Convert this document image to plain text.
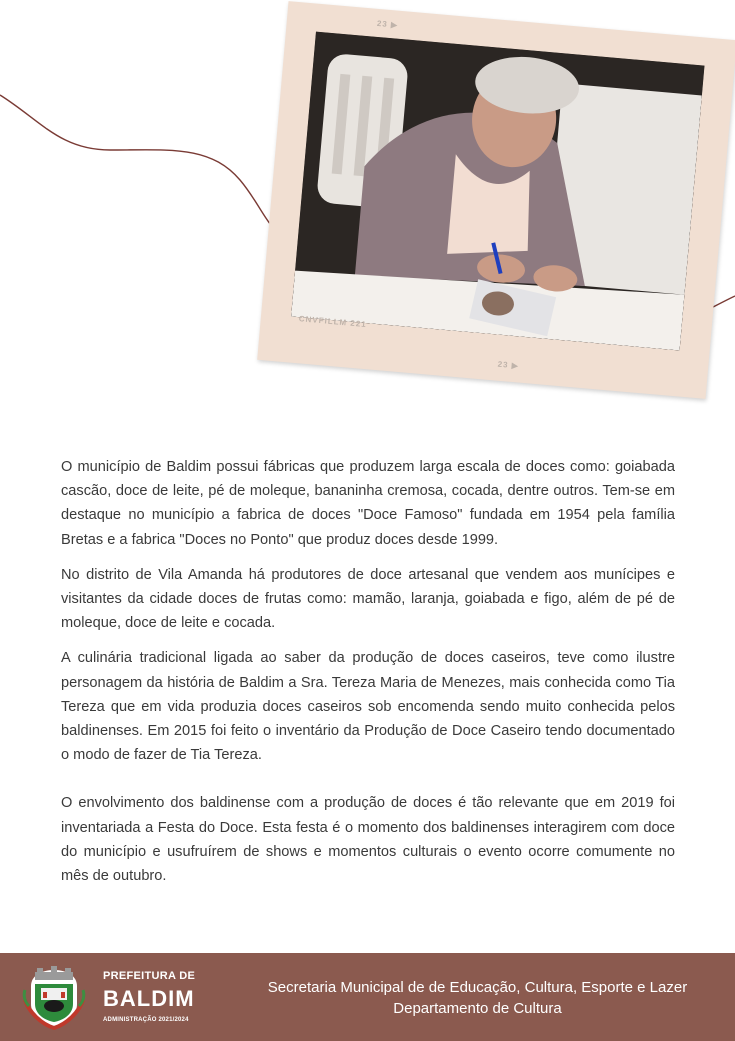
23 ▶
CNVFILLM 221
23 ▶

O município de Baldim possui fábricas que produzem larga escala de doces como: goiabada cascão, doce de leite, pé de moleque, bananinha cremosa, cocada, dentre outros. Tem-se em destaque no município a fabrica de doces "Doce Famoso" fundada em 1954 pela família Bretas e a fabrica "Doces no Ponto" que produz doces desde 1999.

No distrito de Vila Amanda há produtores de doce artesanal que vendem aos munícipes e visitantes da cidade doces de frutas como: mamão, laranja, goiabada e figo, além de pé de moleque, doce de leite e cocada.

A culinária tradicional ligada ao saber da produção de doces caseiros, teve como ilustre personagem da história de Baldim a Sra. Tereza Maria de Menezes, mais conhecida como Tia Tereza que em vida produzia doces caseiros sob encomenda sendo muito conhecida pelos baldinenses. Em 2015 foi feito o inventário da Produção de Doce Caseiro tendo documentado o modo de fazer de Tia Tereza.

O envolvimento dos baldinense com a produção de doces é tão relevante que em 2019 foi inventariada a Festa do Doce. Esta festa é o momento dos baldinenses interagirem com doce do município e usufruírem de shows e momentos culturais o evento ocorre comumente no mês de outubro.

PREFEITURA DE
BALDIM
ADMINISTRAÇÃO 2021/2024
Secretaria Municipal de de Educação, Cultura, Esporte e Lazer
Departamento de Cultura
